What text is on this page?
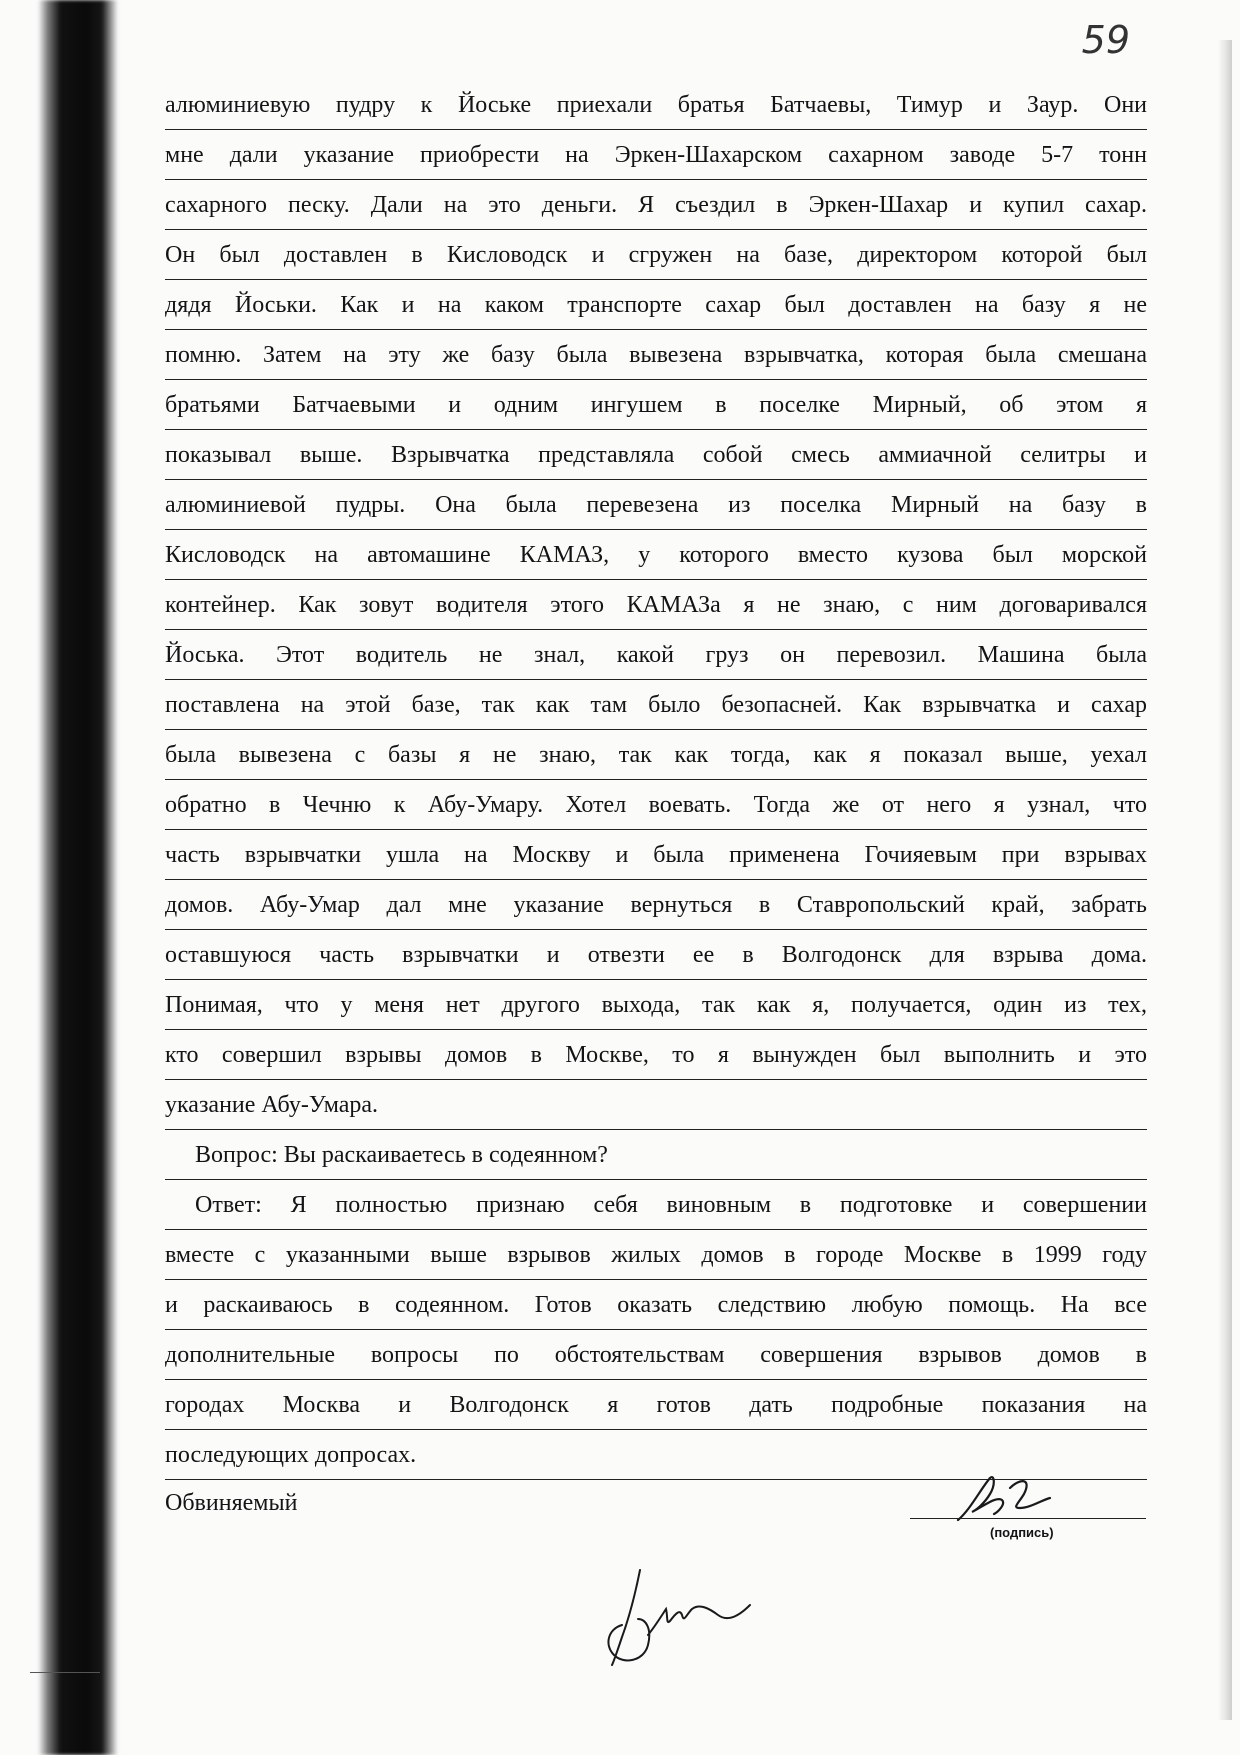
59
алюминиевую пудру к Йоське приехали братья Батчаевы, Тимур и Заур. Они
мне дали указание приобрести на Эркен-Шахарском сахарном заводе 5-7 тонн
сахарного песку. Дали на это деньги. Я съездил в Эркен-Шахар и купил сахар.
Он был доставлен в Кисловодск и сгружен на базе, директором которой был
дядя Йоськи. Как и на каком транспорте сахар был доставлен на базу я не
помню. Затем на эту же базу была вывезена взрывчатка, которая была смешана
братьями Батчаевыми и одним ингушем в поселке Мирный, об этом я
показывал выше. Взрывчатка представляла собой смесь аммиачной селитры и
алюминиевой пудры. Она была перевезена из поселка Мирный на базу в
Кисловодск на автомашине КАМАЗ, у которого вместо кузова был морской
контейнер. Как зовут водителя этого КАМАЗа я не знаю, с ним договаривался
Йоська. Этот водитель не знал, какой груз он перевозил. Машина была
поставлена на этой базе, так как там было безопасней. Как взрывчатка и сахар
была вывезена с базы я не знаю, так как тогда, как я показал выше, уехал
обратно в Чечню к Абу-Умару. Хотел воевать. Тогда же от него я узнал, что
часть взрывчатки ушла на Москву и была применена Гочияевым при взрывах
домов. Абу-Умар дал мне указание вернуться в Ставропольский край, забрать
оставшуюся часть взрывчатки и отвезти ее в Волгодонск для взрыва дома.
Понимая, что у меня нет другого выхода, так как я, получается, один из тех,
кто совершил взрывы домов в Москве, то я вынужден был выполнить и это
указание Абу-Умара.
Вопрос: Вы раскаиваетесь в содеянном?
Ответ: Я полностью признаю себя виновным в подготовке и совершении
вместе с указанными выше взрывов жилых домов в городе Москве в 1999 году
и раскаиваюсь в содеянном. Готов оказать следствию любую помощь. На все
дополнительные вопросы по обстоятельствам совершения взрывов домов в
городах Москва и Волгодонск я готов дать подробные показания на
последующих допросах.
Обвиняемый
(подпись)
